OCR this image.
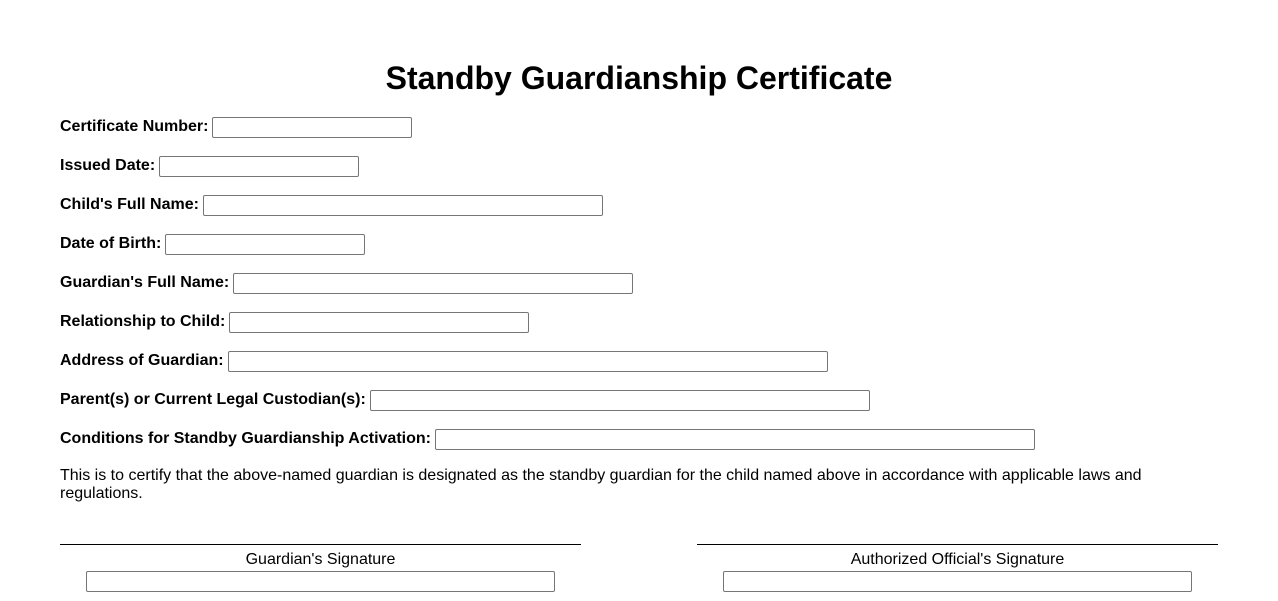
Standby Guardianship Certificate
Certificate Number:
Issued Date:
Child's Full Name:
Date of Birth:
Guardian's Full Name:
Relationship to Child:
Address of Guardian:
Parent(s) or Current Legal Custodian(s):
Conditions for Standby Guardianship Activation:

This is to certify that the above-named guardian is designated as the standby guardian for the child named above in accordance with applicable laws and regulations.

Guardian's Signature	Authorized Official's Signature
